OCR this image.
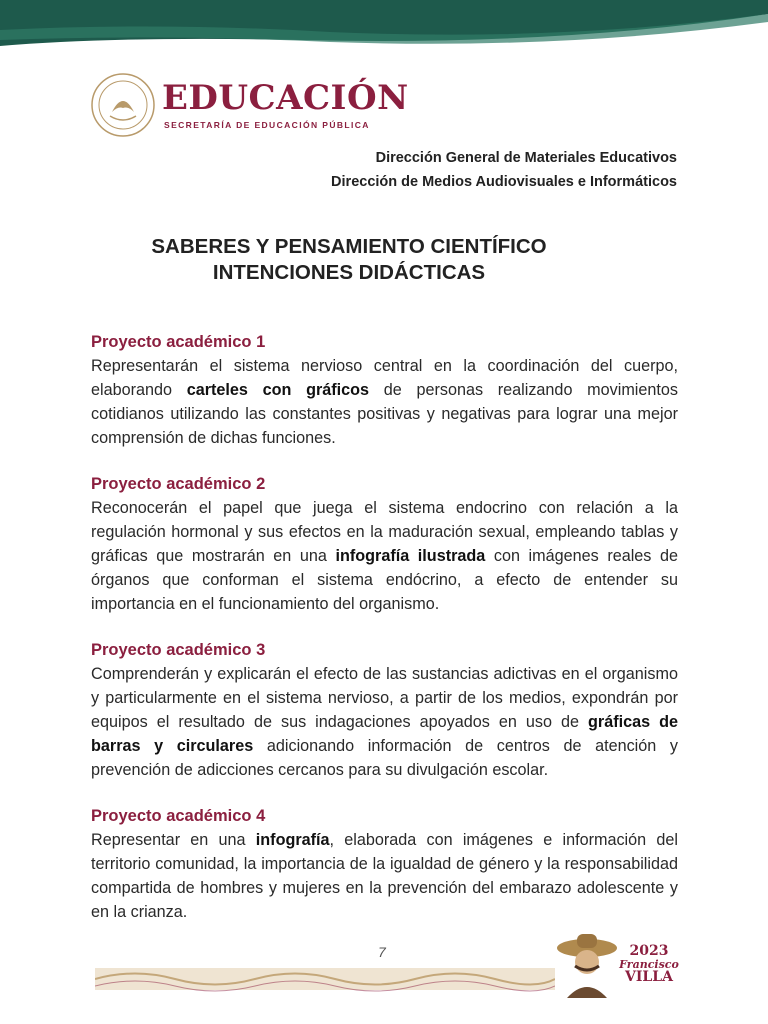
EDUCACIÓN
SECRETARÍA DE EDUCACIÓN PÚBLICA
Dirección General de Materiales Educativos
Dirección de Medios Audiovisuales e Informáticos
SABERES Y PENSAMIENTO CIENTÍFICO
INTENCIONES DIDÁCTICAS
Proyecto académico 1

Representarán el sistema nervioso central en la coordinación del cuerpo, elaborando carteles con gráficos de personas realizando movimientos cotidianos utilizando las constantes positivas y negativas para lograr una mejor comprensión de dichas funciones.

Proyecto académico 2

Reconocerán el papel que juega el sistema endocrino con relación a la regulación hormonal y sus efectos en la maduración sexual, empleando tablas y gráficas que mostrarán en una infografía ilustrada con imágenes reales de órganos que conforman el sistema endócrino, a efecto de entender su importancia en el funcionamiento del organismo.

Proyecto académico 3

Comprenderán y explicarán el efecto de las sustancias adictivas en el organismo y particularmente en el sistema nervioso, a partir de los medios, expondrán por equipos el resultado de sus indagaciones apoyados en uso de gráficas de barras y circulares adicionando información de centros de atención y prevención de adicciones cercanos para su divulgación escolar.

Proyecto académico 4

Representar en una infografía, elaborada con imágenes e información del territorio comunidad, la importancia de la igualdad de género y la responsabilidad compartida de hombres y mujeres en la prevención del embarazo adolescente y en la crianza.

7	2023
Francisco
VILLA
